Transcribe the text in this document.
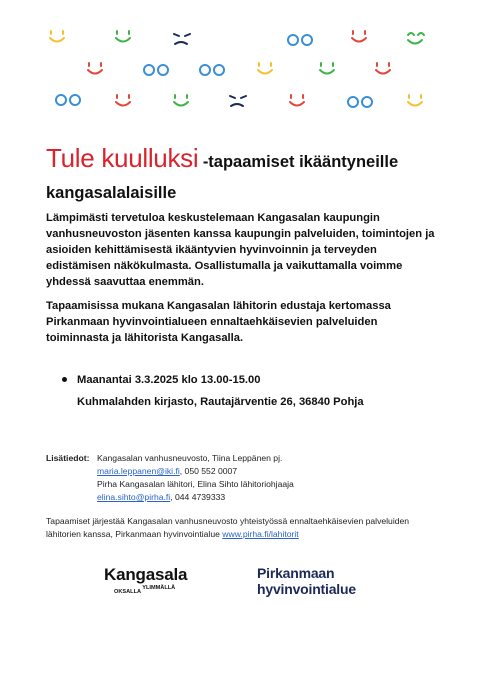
Tule kuulluksi -tapaamiset ikääntyneille
kangasalalaisille
Lämpimästi tervetuloa keskustelemaan Kangasalan kaupungin vanhusneuvoston jäsenten kanssa kaupungin palveluiden, toimintojen ja asioiden kehittämisestä ikääntyvien hyvinvoinnin ja terveyden edistämisen näkökulmasta. Osallistumalla ja vaikuttamalla voimme yhdessä saavuttaa enemmän.
Tapaamisissa mukana Kangasalan lähitorin edustaja kertomassa Pirkanmaan hyvinvointialueen ennaltaehkäisevien palveluiden toiminnasta ja lähitorista Kangasalla.
Maanantai 3.3.2025 klo 13.00-15.00
Kuhmalahden kirjasto, Rautajärventie 26, 36840 Pohja
Lisätiedot: Kangasalan vanhusneuvosto, Tiina Leppänen pj.
maria.leppanen@iki.fi, 050 552 0007
Pirha Kangasalan lähitori, Elina Sihto lähitoriohjaaja
elina.sihto@pirha.fi, 044 4739333
Tapaamiset järjestää Kangasalan vanhusneuvosto yhteistyössä ennaltaehkäisevien palveluiden lähitorien kanssa, Pirkanmaan hyvinvointialue www.pirha.fi/lahitorit
Kangasala
OKSALLA YLIMMÄLLÄ
Pirkanmaan
hyvinvointialue
